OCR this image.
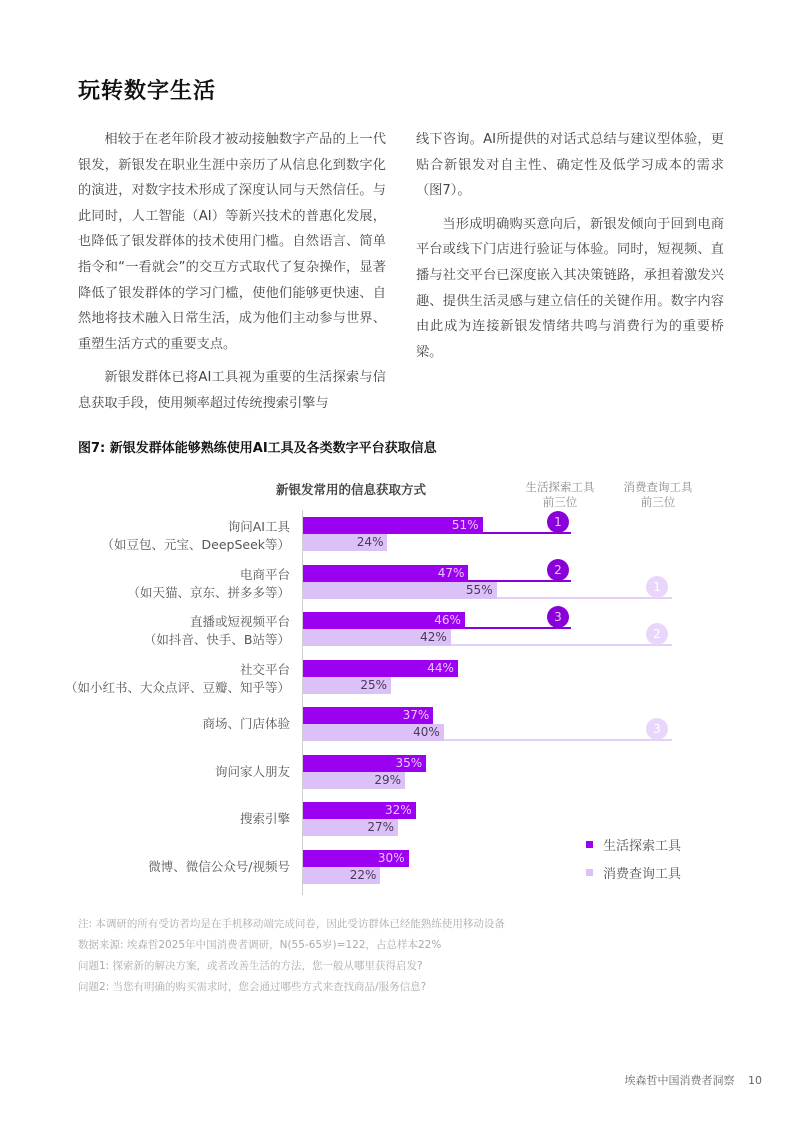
玩转数字生活

相较于在老年阶段才被动接触数字产品的上一代银发，新银发在职业生涯中亲历了从信息化到数字化的演进，对数字技术形成了深度认同与天然信任。与此同时，人工智能（AI）等新兴技术的普惠化发展，也降低了银发群体的技术使用门槛。自然语言、简单指令和“一看就会”的交互方式取代了复杂操作，显著降低了银发群体的学习门槛，使他们能够更快速、自然地将技术融入日常生活，成为他们主动参与世界、重塑生活方式的重要支点。

新银发群体已将AI工具视为重要的生活探索与信息获取手段，使用频率超过传统搜索引擎与

线下咨询。AI所提供的对话式总结与建议型体验，更贴合新银发对自主性、确定性及低学习成本的需求（图7）。

当形成明确购买意向后，新银发倾向于回到电商平台或线下门店进行验证与体验。同时，短视频、直播与社交平台已深度嵌入其决策链路，承担着激发兴趣、提供生活灵感与建立信任的关键作用。数字内容由此成为连接新银发情绪共鸣与消费行为的重要桥梁。

图7: 新银发群体能够熟练使用AI工具及各类数字平台获取信息
新银发常用的信息获取方式	生活探索工具
前三位
消费查询工具
前三位
询问AI工具
（如豆包、元宝、DeepSeek等）
51%
24%
1
电商平台
（如天猫、京东、拼多多等）
47%
55%
2
1
直播或短视频平台
（如抖音、快手、B站等）
46%
42%
3
2
社交平台
（如小红书、大众点评、豆瓣、知乎等）
44%
25%
商场、门店体验
37%
40%	3
询问家人朋友
35%
29%
搜索引擎
32%
27%
微博、微信公众号/视频号
30%
22%
生活探索工具
消费查询工具
注: 本调研的所有受访者均是在手机移动端完成问卷，因此受访群体已经能熟练使用移动设备
数据来源: 埃森哲2025年中国消费者调研，N(55-65岁)=122，占总样本22%
问题1: 探索新的解决方案，或者改善生活的方法，您一般从哪里获得启发?
问题2: 当您有明确的购买需求时，您会通过哪些方式来查找商品/服务信息?
埃森哲中国消费者洞察 10
